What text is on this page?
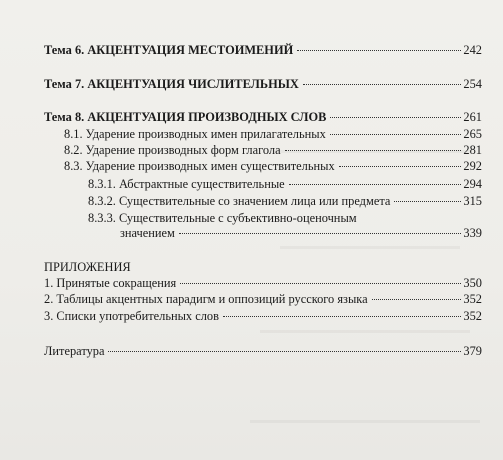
Тема 6. АКЦЕНТУАЦИЯ МЕСТОИМЕНИЙ	242
Тема 7. АКЦЕНТУАЦИЯ ЧИСЛИТЕЛЬНЫХ	254
Тема 8. АКЦЕНТУАЦИЯ ПРОИЗВОДНЫХ СЛОВ	261
8.1. Ударение производных имен прилагательных	265
8.2. Ударение производных форм глагола	281
8.3. Ударение производных имен существительных	292
8.3.1. Абстрактные существительные	294
8.3.2. Существительные со значением лица или предмета	315
8.3.3. Существительные с субъективно-оценочным
значением	339
ПРИЛОЖЕНИЯ
1. Принятые сокращения	350
2. Таблицы акцентных парадигм и оппозиций русского языка	352
3. Списки употребительных слов	352
Литература	379
